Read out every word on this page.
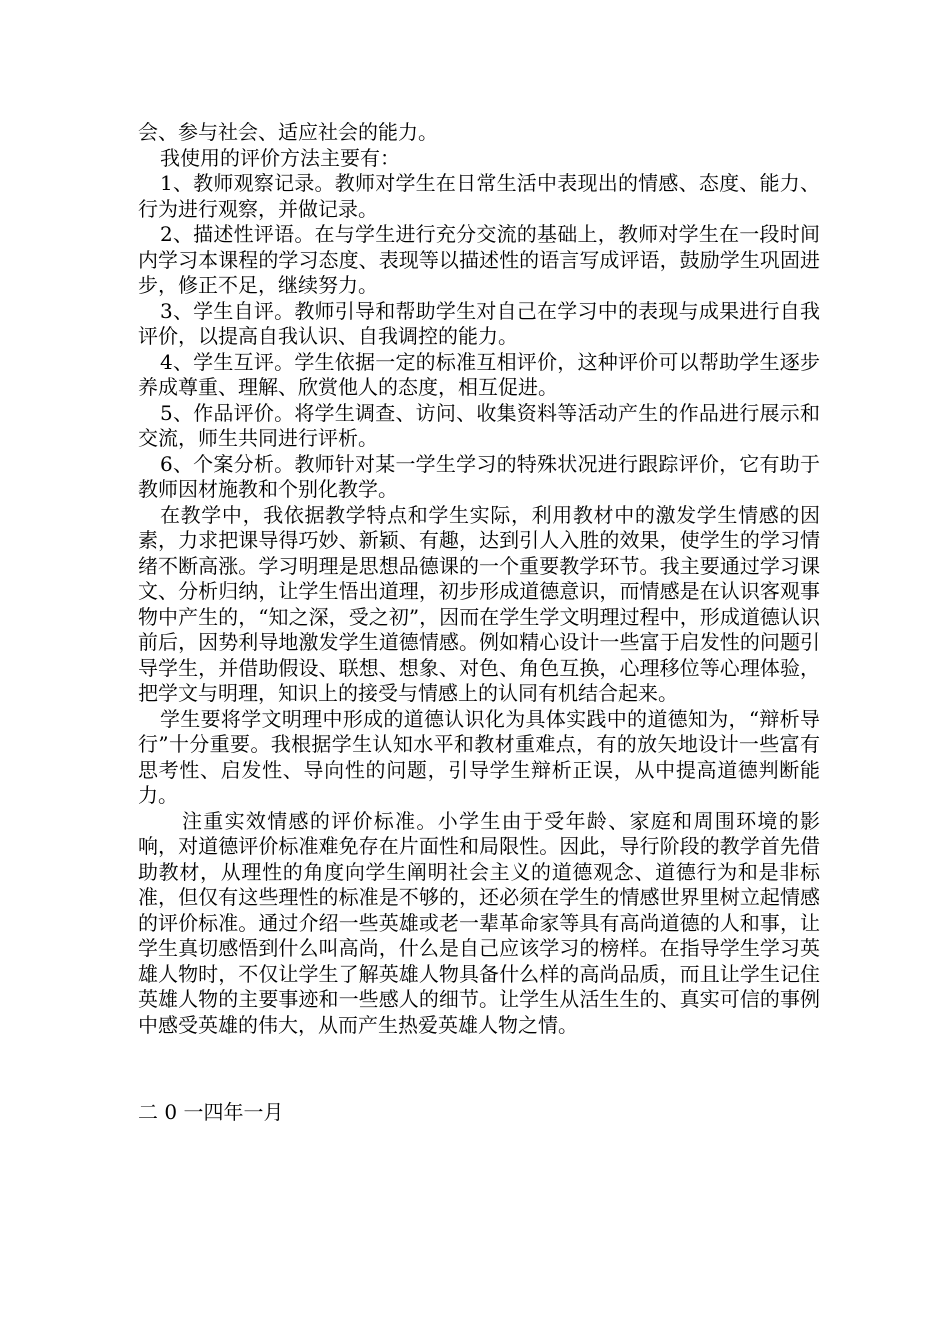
会、参与社会、适应社会的能力。

我使用的评价方法主要有：

1、教师观察记录。教师对学生在日常生活中表现出的情感、态度、能力、行为进行观察，并做记录。

2、描述性评语。在与学生进行充分交流的基础上，教师对学生在一段时间内学习本课程的学习态度、表现等以描述性的语言写成评语，鼓励学生巩固进步，修正不足，继续努力。

3、学生自评。教师引导和帮助学生对自己在学习中的表现与成果进行自我评价，以提高自我认识、自我调控的能力。

4、学生互评。学生依据一定的标准互相评价，这种评价可以帮助学生逐步养成尊重、理解、欣赏他人的态度，相互促进。

5、作品评价。将学生调查、访问、收集资料等活动产生的作品进行展示和交流，师生共同进行评析。

6、个案分析。教师针对某一学生学习的特殊状况进行跟踪评价，它有助于教师因材施教和个别化教学。

在教学中，我依据教学特点和学生实际，利用教材中的激发学生情感的因素，力求把课导得巧妙、新颖、有趣，达到引人入胜的效果，使学生的学习情绪不断高涨。学习明理是思想品德课的一个重要教学环节。我主要通过学习课文、分析归纳，让学生悟出道理，初步形成道德意识，而情感是在认识客观事物中产生的，“知之深，受之初”，因而在学生学文明理过程中，形成道德认识前后，因势利导地激发学生道德情感。例如精心设计一些富于启发性的问题引导学生，并借助假设、联想、想象、对色、角色互换，心理移位等心理体验，把学文与明理，知识上的接受与情感上的认同有机结合起来。

学生要将学文明理中形成的道德认识化为具体实践中的道德知为，“辩析导行”十分重要。我根据学生认知水平和教材重难点，有的放矢地设计一些富有思考性、启发性、导向性的问题，引导学生辩析正误，从中提高道德判断能力。

注重实效情感的评价标准。小学生由于受年龄、家庭和周围环境的影响，对道德评价标准难免存在片面性和局限性。因此，导行阶段的教学首先借助教材，从理性的角度向学生阐明社会主义的道德观念、道德行为和是非标准，但仅有这些理性的标准是不够的，还必须在学生的情感世界里树立起情感的评价标准。通过介绍一些英雄或老一辈革命家等具有高尚道德的人和事，让学生真切感悟到什么叫高尚，什么是自己应该学习的榜样。在指导学生学习英雄人物时，不仅让学生了解英雄人物具备什么样的高尚品质，而且让学生记住英雄人物的主要事迹和一些感人的细节。让学生从活生生的、真实可信的事例中感受英雄的伟大，从而产生热爱英雄人物之情。

二 0 一四年一月
